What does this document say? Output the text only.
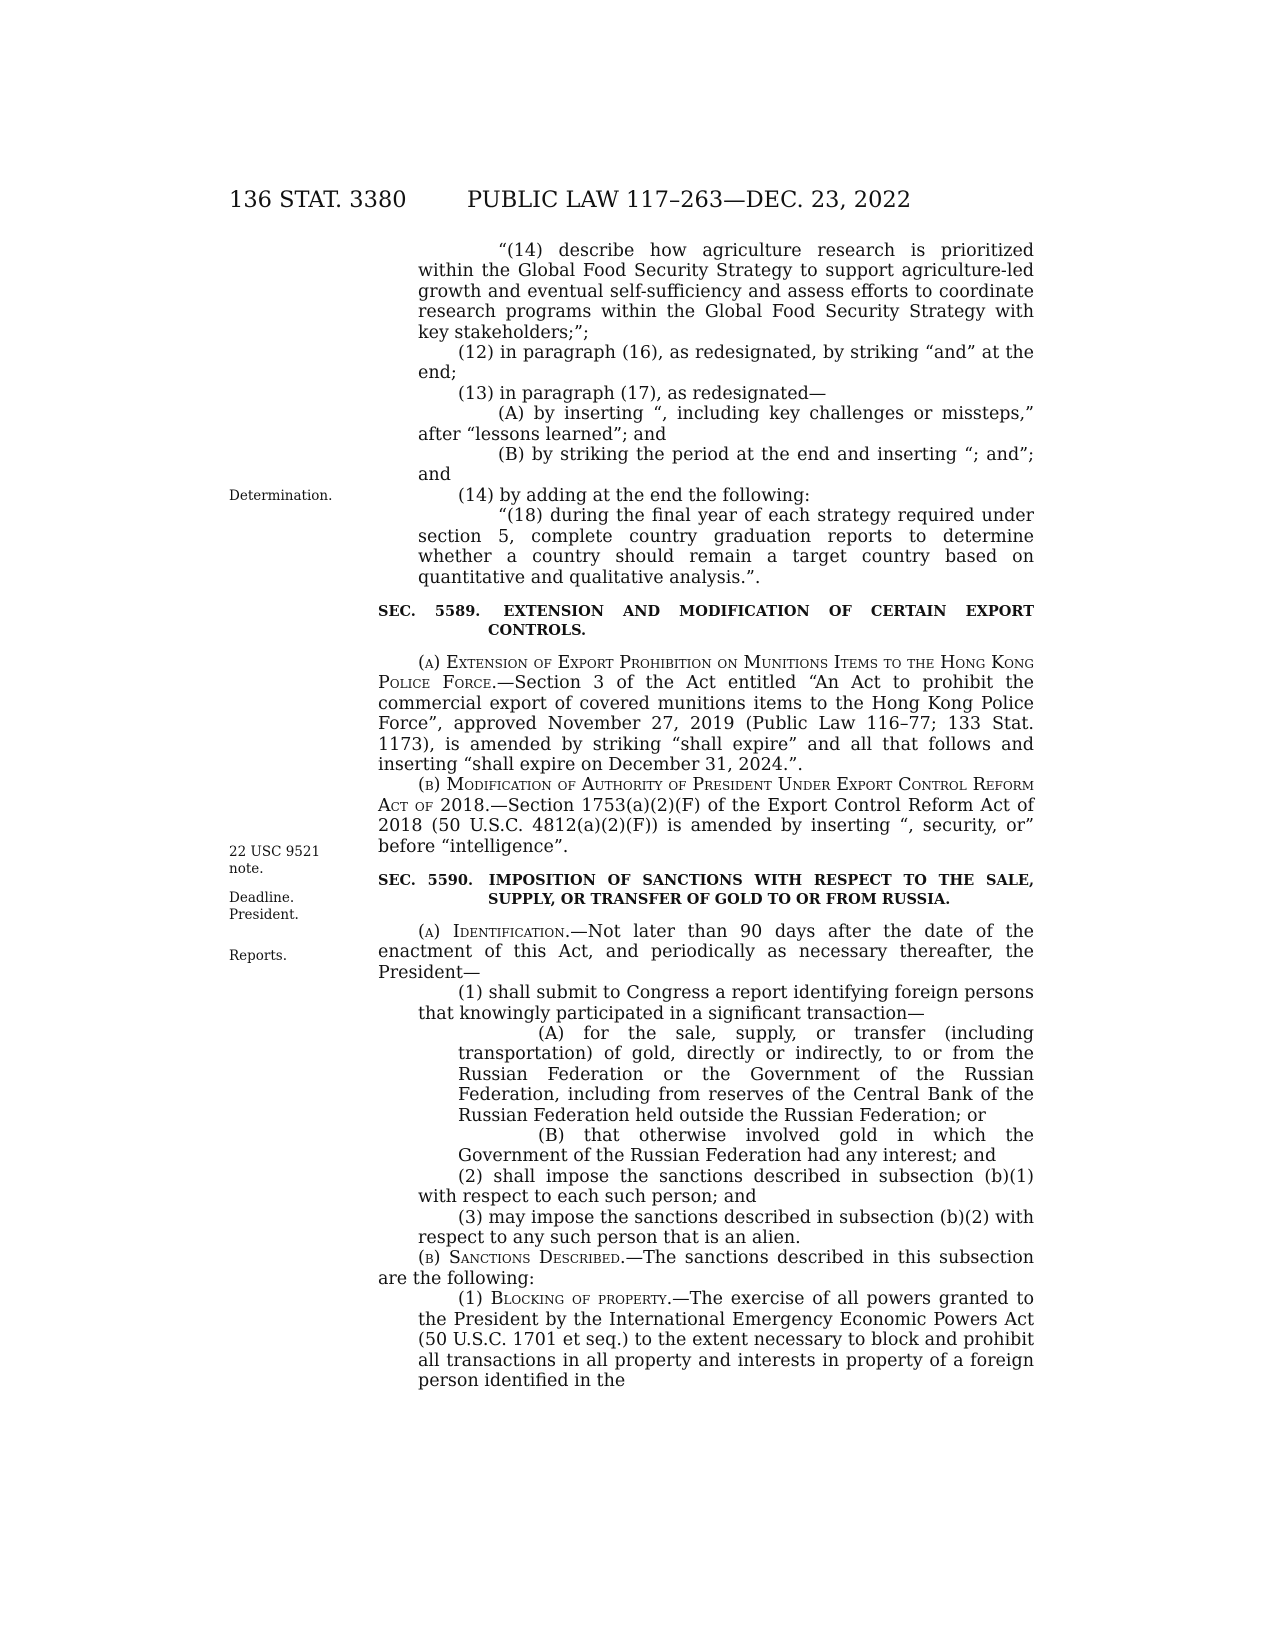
136 STAT. 3380	PUBLIC LAW 117–263—DEC. 23, 2022
Determination.
22 USC 9521 note.
Deadline. President.
Reports.

“(14) describe how agriculture research is prioritized within the Global Food Security Strategy to support agriculture-led growth and eventual self-sufficiency and assess efforts to coordinate research programs within the Global Food Security Strategy with key stakeholders;”;

(12) in paragraph (16), as redesignated, by striking “and” at the end;

(13) in paragraph (17), as redesignated—

(A) by inserting “, including key challenges or missteps,” after “lessons learned”; and

(B) by striking the period at the end and inserting “; and”; and

(14) by adding at the end the following:

“(18) during the final year of each strategy required under section 5, complete country graduation reports to determine whether a country should remain a target country based on quantitative and qualitative analysis.”.

SEC. 5589. EXTENSION AND MODIFICATION OF CERTAIN EXPORT CONTROLS.

(a) Extension of Export Prohibition on Munitions Items to the Hong Kong Police Force.—Section 3 of the Act entitled “An Act to prohibit the commercial export of covered munitions items to the Hong Kong Police Force”, approved November 27, 2019 (Public Law 116–77; 133 Stat. 1173), is amended by striking “shall expire” and all that follows and inserting “shall expire on December 31, 2024.”.

(b) Modification of Authority of President Under Export Control Reform Act of 2018.—Section 1753(a)(2)(F) of the Export Control Reform Act of 2018 (50 U.S.C. 4812(a)(2)(F)) is amended by inserting “, security, or” before “intelligence”.

SEC. 5590. IMPOSITION OF SANCTIONS WITH RESPECT TO THE SALE, SUPPLY, OR TRANSFER OF GOLD TO OR FROM RUSSIA.

(a) Identification.—Not later than 90 days after the date of the enactment of this Act, and periodically as necessary thereafter, the President—

(1) shall submit to Congress a report identifying foreign persons that knowingly participated in a significant transaction—

(A) for the sale, supply, or transfer (including transportation) of gold, directly or indirectly, to or from the Russian Federation or the Government of the Russian Federation, including from reserves of the Central Bank of the Russian Federation held outside the Russian Federation; or

(B) that otherwise involved gold in which the Government of the Russian Federation had any interest; and

(2) shall impose the sanctions described in subsection (b)(1) with respect to each such person; and

(3) may impose the sanctions described in subsection (b)(2) with respect to any such person that is an alien.

(b) Sanctions Described.—The sanctions described in this subsection are the following:

(1) Blocking of property.—The exercise of all powers granted to the President by the International Emergency Economic Powers Act (50 U.S.C. 1701 et seq.) to the extent necessary to block and prohibit all transactions in all property and interests in property of a foreign person identified in the
